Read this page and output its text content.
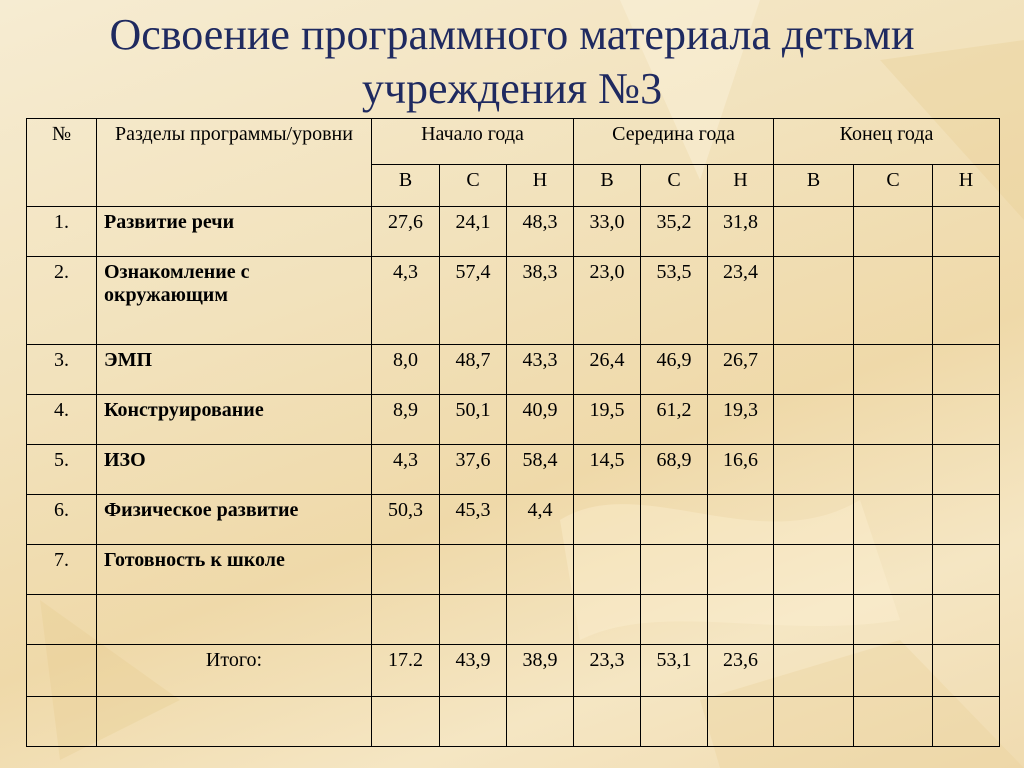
Освоение программного материала детьми
учреждения №3
№	Разделы программы/уровни	Начало года			Середина года			Конец года		
		В	С	Н	В	С	Н	В	С	Н
1.	Развитие речи	27,6	24,1	48,3	33,0	35,2	31,8			
2.	Ознакомление с окружающим	4,3	57,4	38,3	23,0	53,5	23,4			
3.	ЭМП	8,0	48,7	43,3	26,4	46,9	26,7			
4.	Конструирование	8,9	50,1	40,9	19,5	61,2	19,3			
5.	ИЗО	4,3	37,6	58,4	14,5	68,9	16,6			
6.	Физическое развитие	50,3	45,3	4,4						
7.	Готовность к школе									

	Итого:	17.2	43,9	38,9	23,3	53,1	23,6			
